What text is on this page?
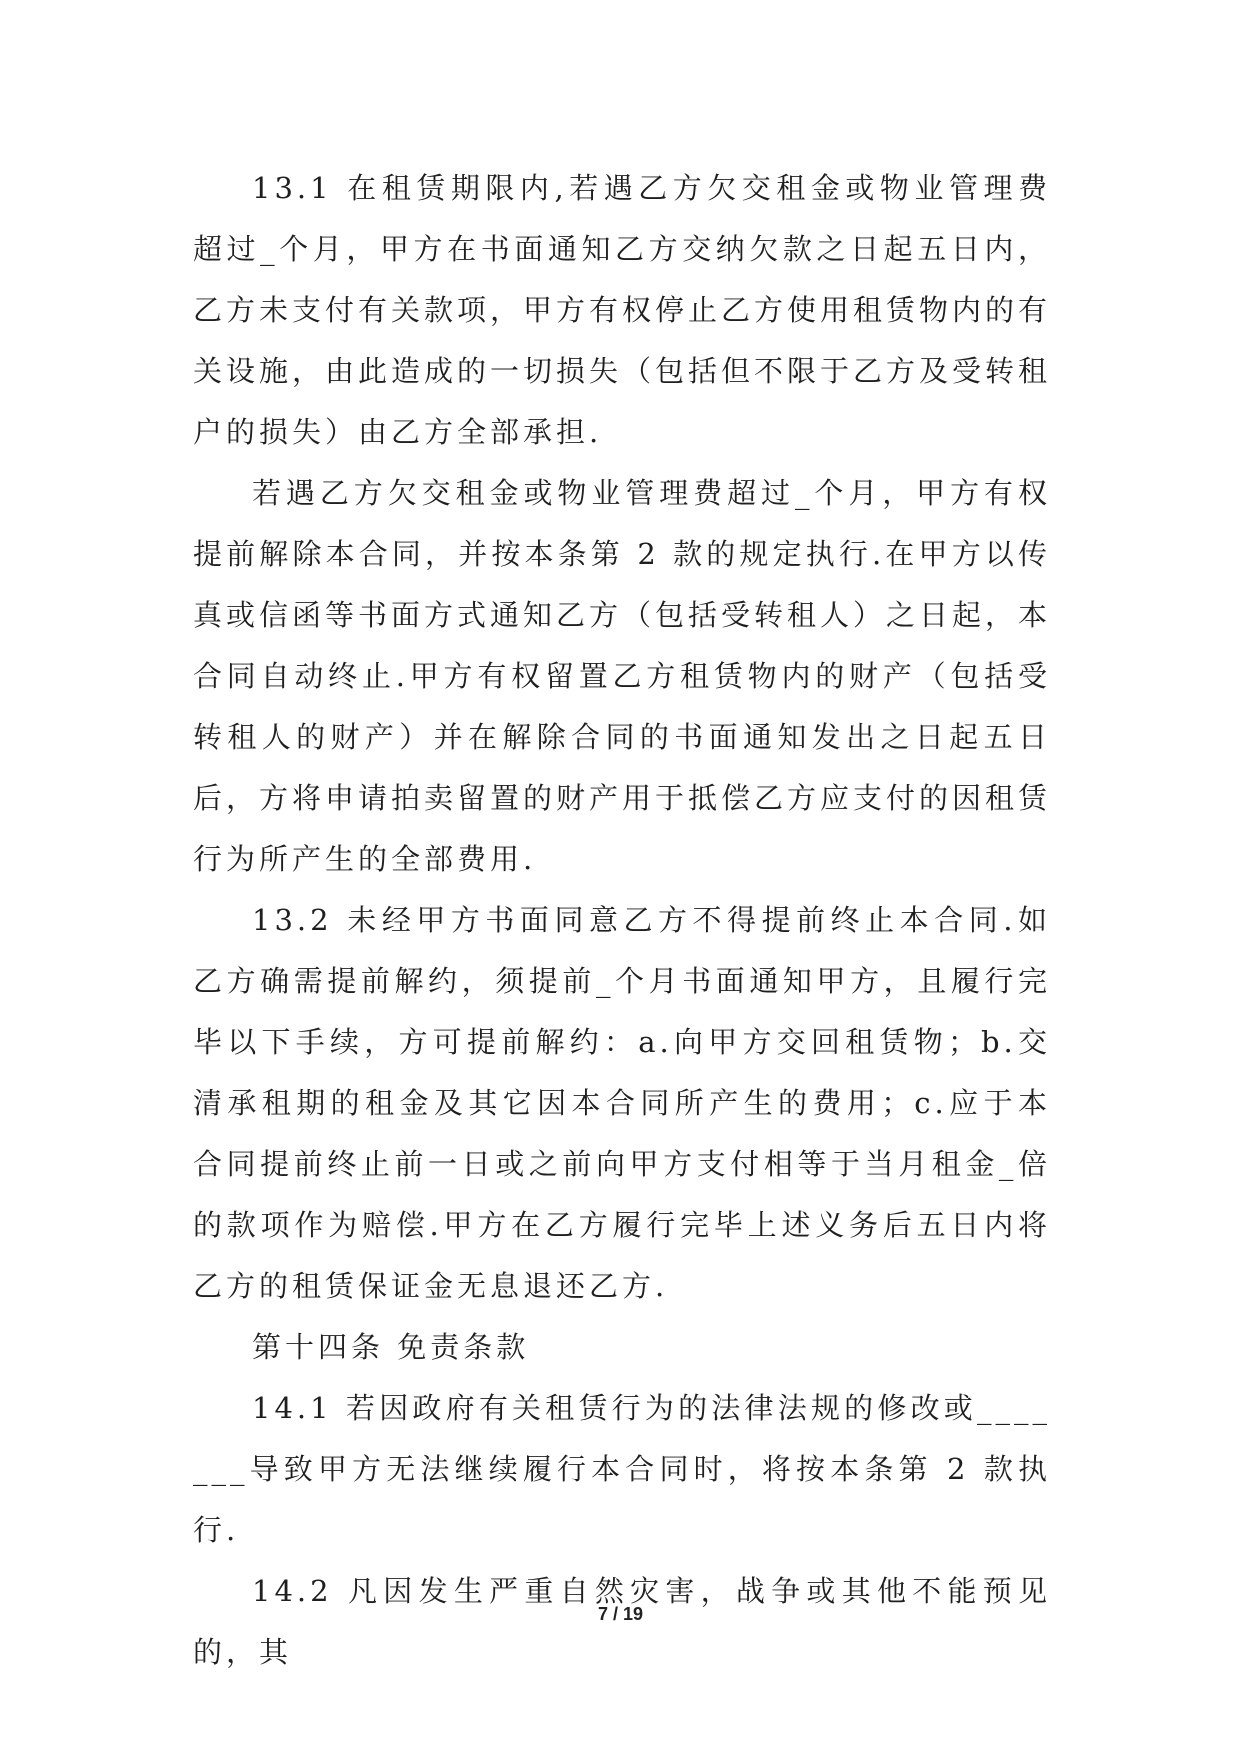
13.1 在租赁期限内,若遇乙方欠交租金或物业管理费超过_个月，甲方在书面通知乙方交纳欠款之日起五日内，乙方未支付有关款项，甲方有权停止乙方使用租赁物内的有关设施，由此造成的一切损失（包括但不限于乙方及受转租户的损失）由乙方全部承担.

若遇乙方欠交租金或物业管理费超过_个月，甲方有权提前解除本合同，并按本条第 2 款的规定执行.在甲方以传真或信函等书面方式通知乙方（包括受转租人）之日起，本合同自动终止.甲方有权留置乙方租赁物内的财产（包括受转租人的财产）并在解除合同的书面通知发出之日起五日后，方将申请拍卖留置的财产用于抵偿乙方应支付的因租赁行为所产生的全部费用.

13.2 未经甲方书面同意乙方不得提前终止本合同.如乙方确需提前解约，须提前_个月书面通知甲方，且履行完毕以下手续，方可提前解约：a.向甲方交回租赁物；b.交清承租期的租金及其它因本合同所产生的费用；c.应于本合同提前终止前一日或之前向甲方支付相等于当月租金_倍的款项作为赔偿.甲方在乙方履行完毕上述义务后五日内将乙方的租赁保证金无息退还乙方.

第十四条 免责条款

14.1 若因政府有关租赁行为的法律法规的修改或_______导致甲方无法继续履行本合同时，将按本条第 2 款执行.

14.2 凡因发生严重自然灾害，战争或其他不能预见的，其

7 / 19
